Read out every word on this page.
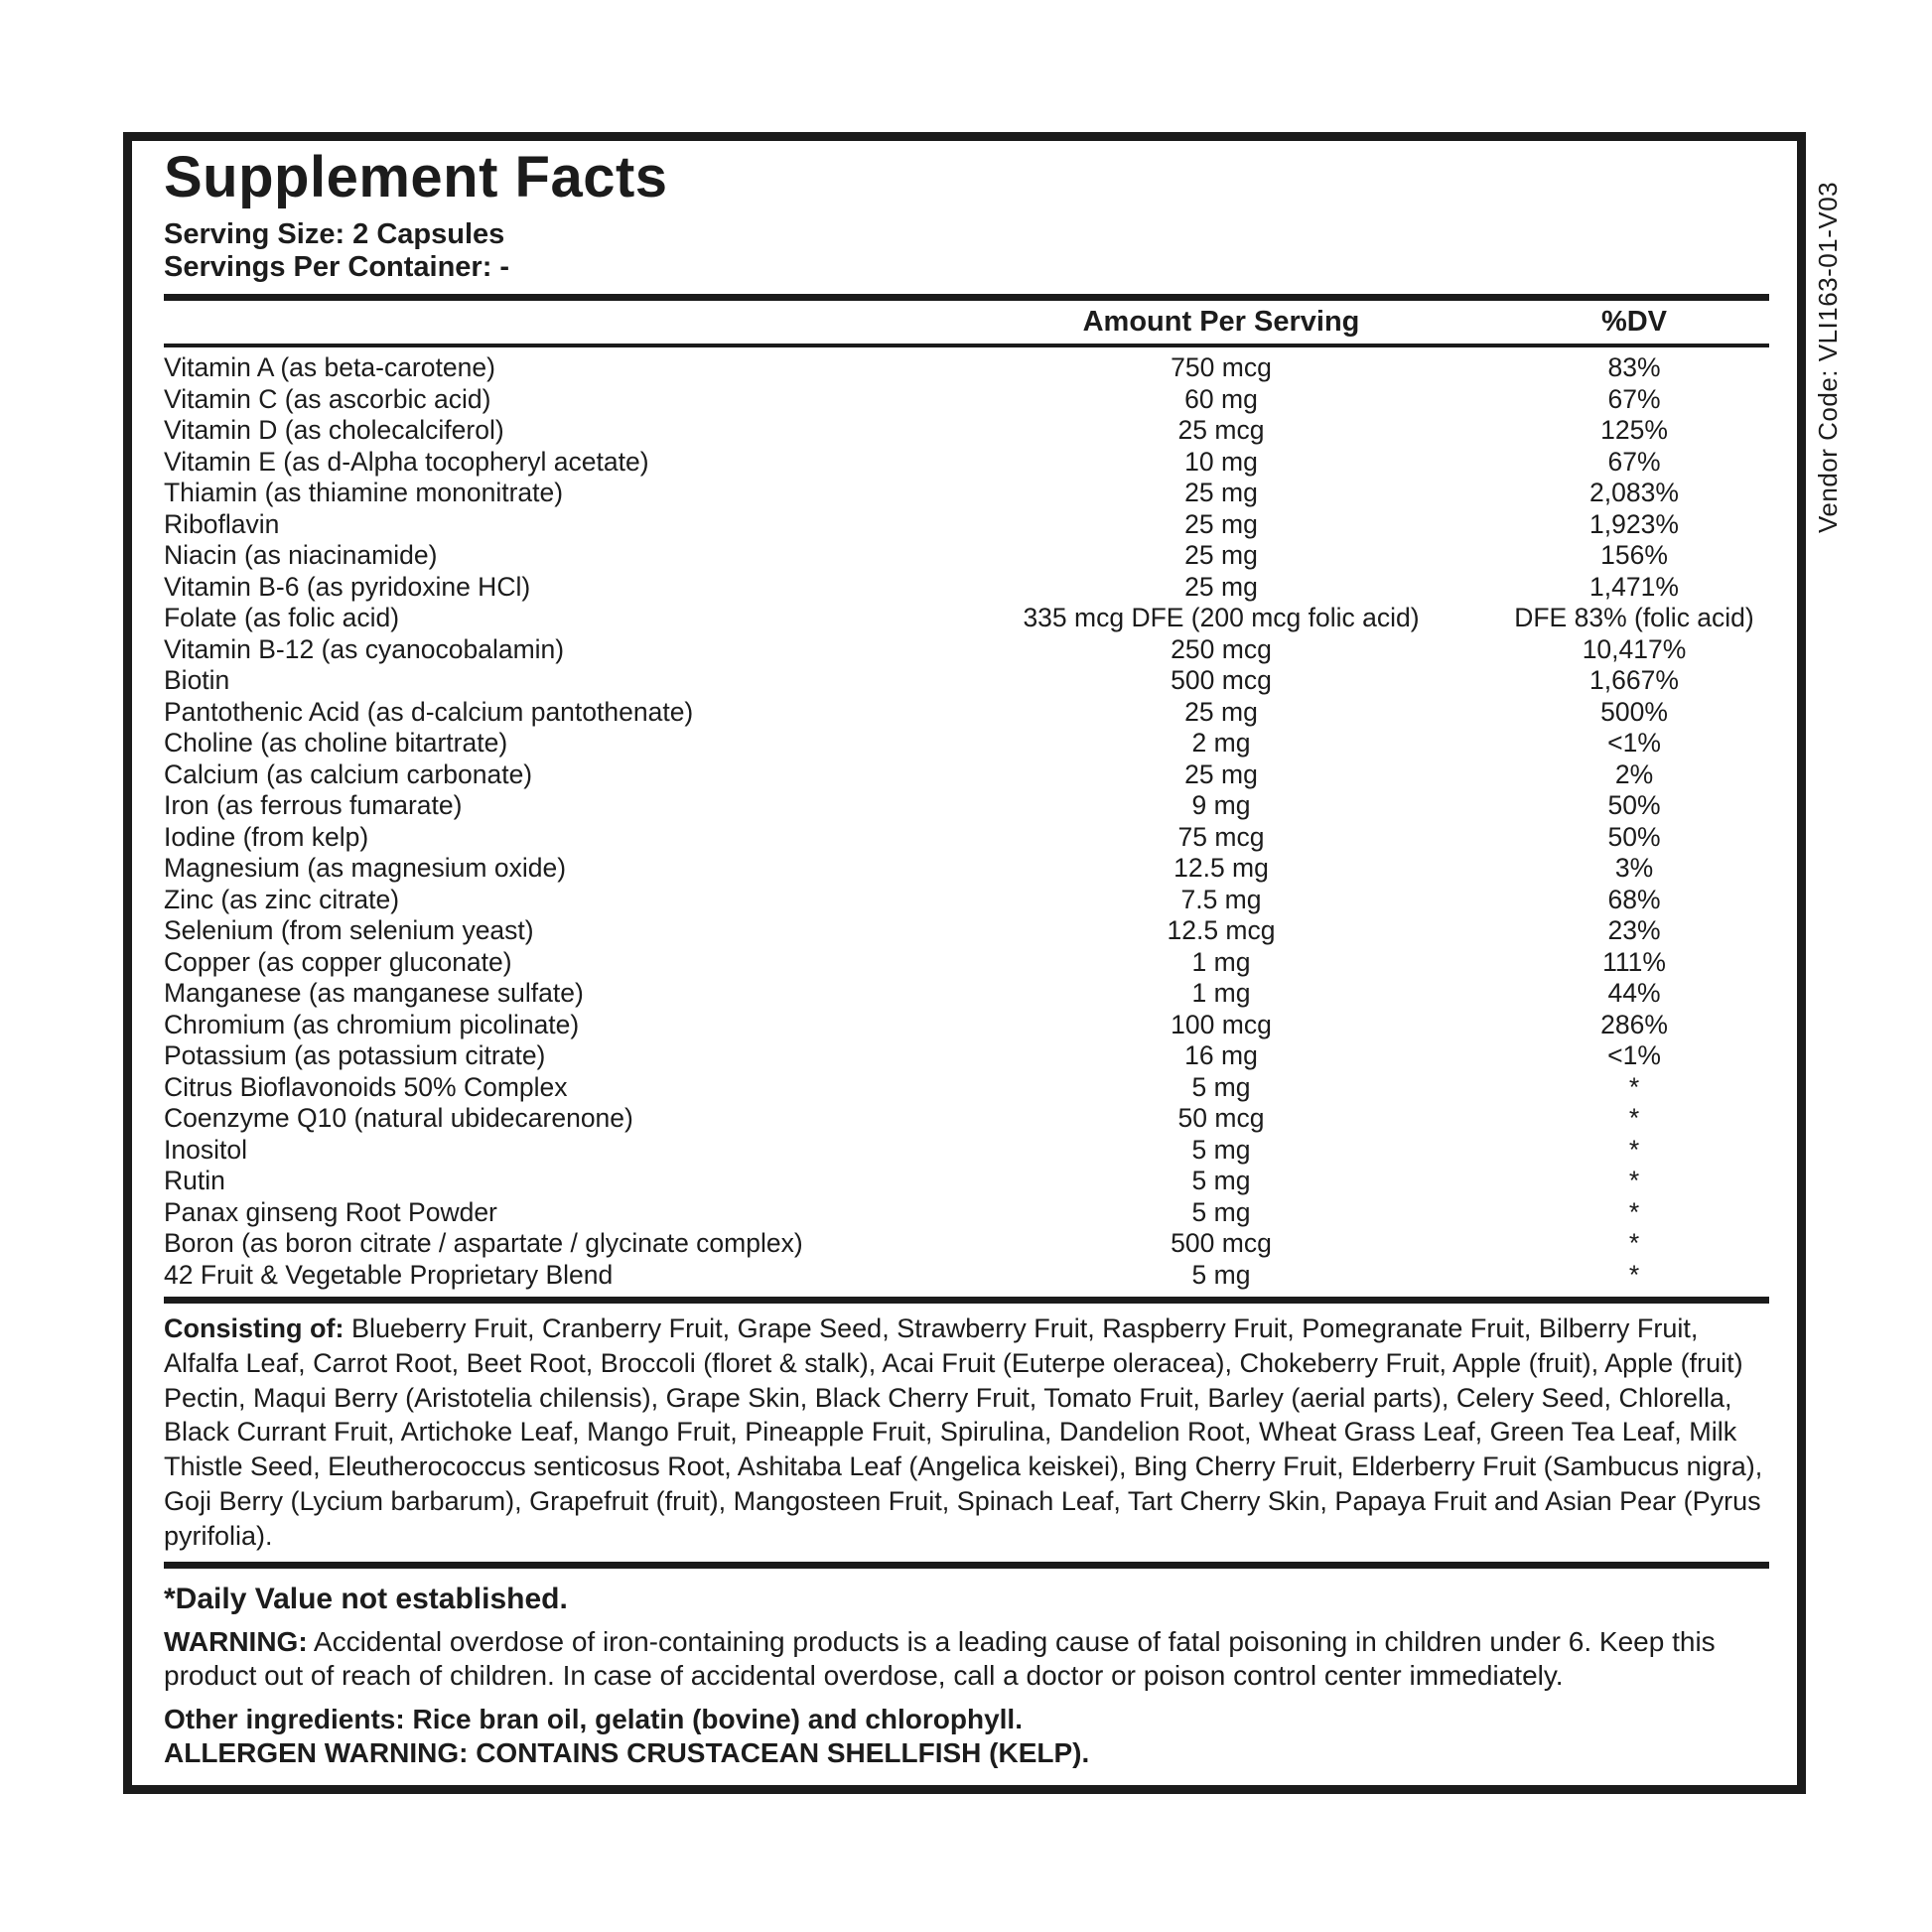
Supplement Facts
Serving Size: 2 Capsules
Servings Per Container: -
Amount Per Serving	%DV
Vitamin A (as beta-carotene)	750 mcg	83%
Vitamin C (as ascorbic acid)	60 mg	67%
Vitamin D (as cholecalciferol)	25 mcg	125%
Vitamin E (as d-Alpha tocopheryl acetate)	10 mg	67%
Thiamin (as thiamine mononitrate)	25 mg	2,083%
Riboflavin	25 mg	1,923%
Niacin (as niacinamide)	25 mg	156%
Vitamin B-6 (as pyridoxine HCl)	25 mg	1,471%
Folate (as folic acid)	335 mcg DFE (200 mcg folic acid)	DFE 83% (folic acid)
Vitamin B-12 (as cyanocobalamin)	250 mcg	10,417%
Biotin	500 mcg	1,667%
Pantothenic Acid (as d-calcium pantothenate)	25 mg	500%
Choline (as choline bitartrate)	2 mg	<1%
Calcium (as calcium carbonate)	25 mg	2%
Iron (as ferrous fumarate)	9 mg	50%
Iodine (from kelp)	75 mcg	50%
Magnesium (as magnesium oxide)	12.5 mg	3%
Zinc (as zinc citrate)	7.5 mg	68%
Selenium (from selenium yeast)	12.5 mcg	23%
Copper (as copper gluconate)	1 mg	111%
Manganese (as manganese sulfate)	1 mg	44%
Chromium (as chromium picolinate)	100 mcg	286%
Potassium (as potassium citrate)	16 mg	<1%
Citrus Bioflavonoids 50% Complex	5 mg	*
Coenzyme Q10 (natural ubidecarenone)	50 mcg	*
Inositol	5 mg	*
Rutin	5 mg	*
Panax ginseng Root Powder	5 mg	*
Boron (as boron citrate / aspartate / glycinate complex)	500 mcg	*
42 Fruit & Vegetable Proprietary Blend	5 mg	*

Consisting of: Blueberry Fruit, Cranberry Fruit, Grape Seed, Strawberry Fruit, Raspberry Fruit, Pomegranate Fruit, Bilberry Fruit, Alfalfa Leaf, Carrot Root, Beet Root, Broccoli (floret & stalk), Acai Fruit (Euterpe oleracea), Chokeberry Fruit, Apple (fruit), Apple (fruit) Pectin, Maqui Berry (Aristotelia chilensis), Grape Skin, Black Cherry Fruit, Tomato Fruit, Barley (aerial parts), Celery Seed, Chlorella, Black Currant Fruit, Artichoke Leaf, Mango Fruit, Pineapple Fruit, Spirulina, Dandelion Root, Wheat Grass Leaf, Green Tea Leaf, Milk Thistle Seed, Eleutherococcus senticosus Root, Ashitaba Leaf (Angelica keiskei), Bing Cherry Fruit, Elderberry Fruit (Sambucus nigra), Goji Berry (Lycium barbarum), Grapefruit (fruit), Mangosteen Fruit, Spinach Leaf, Tart Cherry Skin, Papaya Fruit and Asian Pear (Pyrus pyrifolia).

*Daily Value not established.

WARNING: Accidental overdose of iron-containing products is a leading cause of fatal poisoning in children under 6. Keep this product out of reach of children. In case of accidental overdose, call a doctor or poison control center immediately.

Other ingredients: Rice bran oil, gelatin (bovine) and chlorophyll.

ALLERGEN WARNING: CONTAINS CRUSTACEAN SHELLFISH (KELP).

Vendor Code: VLI163-01-V03
